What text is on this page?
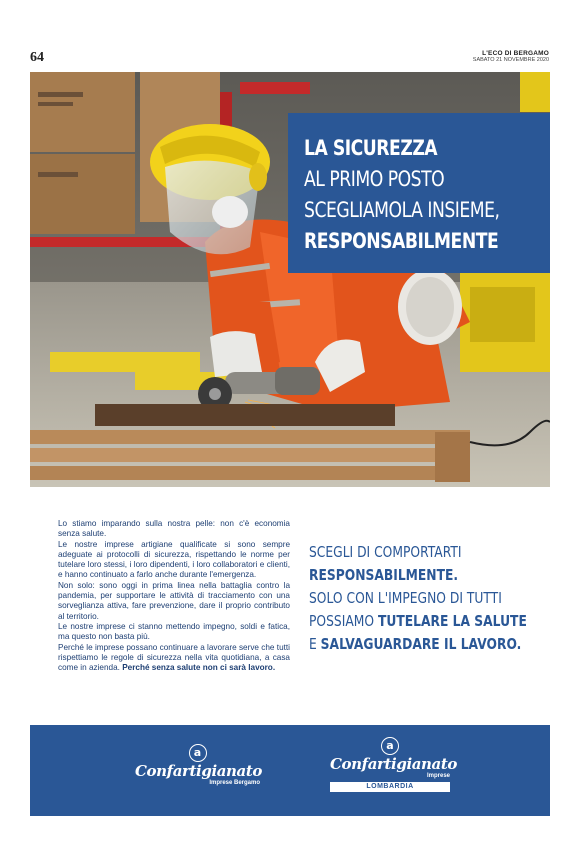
64	L'ECO DI BERGAMO
SABATO 21 NOVEMBRE 2020
LA SICUREZZA
AL PRIMO POSTO
SCEGLIAMOLA INSIEME,
RESPONSABILMENTE

Lo stiamo imparando sulla nostra pelle: non c'è economia senza salute.

Le nostre imprese artigiane qualificate si sono sempre adeguate ai protocolli di sicurezza, rispettando le norme per tutelare loro stessi, i loro dipendenti, i loro collaboratori e clienti, e hanno continuato a farlo anche durante l'emergenza.

Non solo: sono oggi in prima linea nella battaglia contro la pandemia, per supportare le attività di tracciamento con una sorveglianza attiva, fare prevenzione, dare il proprio contributo al territorio.

Le nostre imprese ci stanno mettendo impegno, soldi e fatica, ma questo non basta più.

Perché le imprese possano continuare a lavorare serve che tutti rispettiamo le regole di sicurezza nella vita quotidiana, a casa come in azienda. Perché senza salute non ci sarà lavoro.

SCEGLI DI COMPORTARTI
RESPONSABILMENTE.
SOLO CON L'IMPEGNO DI TUTTI
POSSIAMO TUTELARE LA SALUTE
E SALVAGUARDARE IL LAVORO.
a
Confartigianato
Imprese Bergamo
a
Confartigianato
Imprese
LOMBARDIA
